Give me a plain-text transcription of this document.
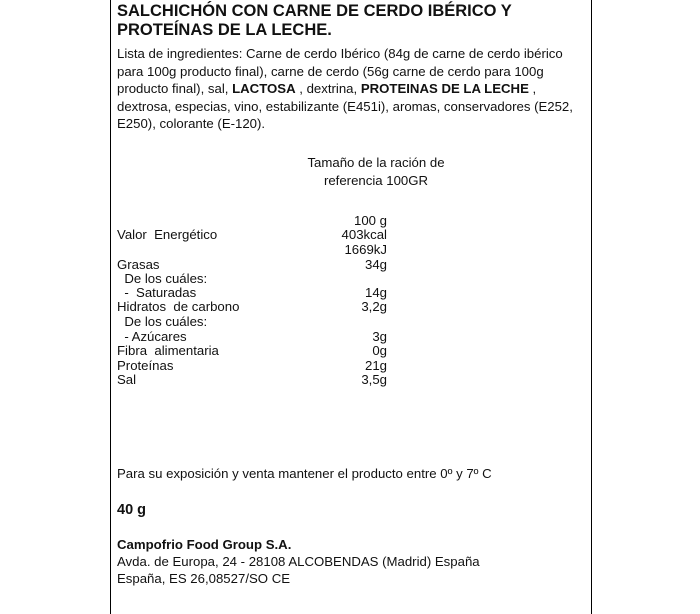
SALCHICHÓN CON CARNE DE CERDO IBÉRICO Y PROTEÍNAS DE LA LECHE.
Lista de ingredientes: Carne de cerdo Ibérico (84g de carne de cerdo ibérico para 100g producto final), carne de cerdo (56g carne de cerdo para 100g producto final), sal, LACTOSA , dextrina, PROTEINAS DE LA LECHE , dextrosa, especias, vino, estabilizante (E451i), aromas, conservadores (E252, E250), colorante (E-120).
Tamaño de la ración de
referencia 100GR
100 g
Valor  Energético	403kcal
1669kJ
Grasas	34g
De los cuáles:
-  Saturadas	14g
Hidratos  de carbono	3,2g
De los cuáles:
- Azúcares	3g
Fibra  alimentaria	0g
Proteínas	21g
Sal	3,5g
Para su exposición y venta mantener el producto entre 0º y 7º C
40 g
Campofrio Food Group S.A.
Avda. de Europa, 24 - 28108 ALCOBENDAS (Madrid) España
España, ES 26,08527/SO CE
